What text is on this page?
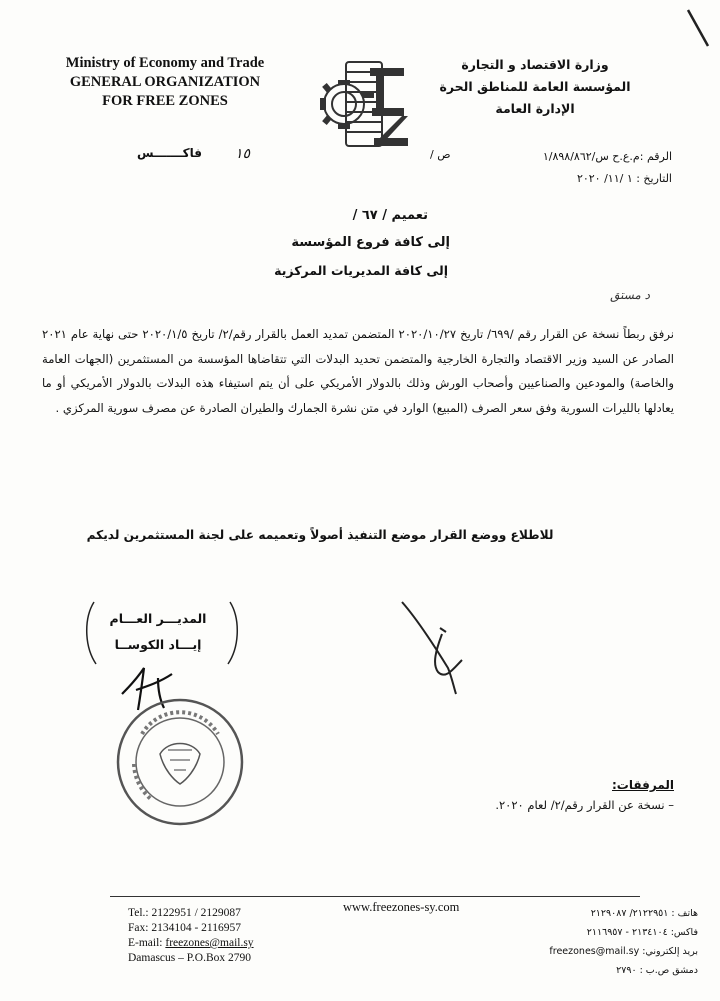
Ministry of Economy and Trade
GENERAL ORGANIZATION
FOR FREE ZONES
وزارة الاقتصاد و التجارة
المؤسسة العامة للمناطق الحرة
الإدارة العامة
فاكـــــــس	/ ص
١٥	الرقم :م.ع.ح س/١/٨٩٨/٨٦٢
التاريخ : ١ /١١/ ٢٠٢٠
تعميم / ٦٧ /
إلى كافة فروع المؤسسة
إلى كافة المديريات المركزية
د مستق

نرفق ربطاً نسخة عن القرار رقم /٦٩٩/ تاريخ ٢٠٢٠/١٠/٢٧ المتضمن تمديد العمل بالقرار رقم/٢/ تاريخ ٢٠٢٠/١/٥ حتى نهاية عام ٢٠٢١ الصادر عن السيد وزير الاقتصاد والتجارة الخارجية والمتضمن تحديد البدلات التي تتقاضاها المؤسسة من المستثمرين (الجهات العامة والخاصة) والمودعين والصناعيين وأصحاب الورش وذلك بالدولار الأمريكي على أن يتم استيفاء هذه البدلات بالدولار الأمريكي أو ما يعادلها بالليرات السورية وفق سعر الصرف (المبيع) الوارد في متن نشرة الجمارك والطيران الصادرة عن مصرف سورية المركزي .

للاطلاع ووضع القرار موضع التنفيذ أصولاً وتعميمه على لجنة المستثمرين لديكم
المديـــر العـــام
إيـــاد الكوســا
المرفقات:
– نسخة عن القرار رقم/٢/ لعام ٢٠٢٠.
www.freezones-sy.com
Tel.: 2122951 / 2129087
Fax: 2134104 - 2116957
E-mail: freezones@mail.sy
Damascus – P.O.Box 2790
هاتف : ٢١٢٢٩٥١/ ٢١٢٩٠٨٧
فاكس: ٢١٣٤١٠٤ - ٢١١٦٩٥٧
بريد إلكتروني: freezones@mail.sy
دمشق ص.ب : ٢٧٩٠
